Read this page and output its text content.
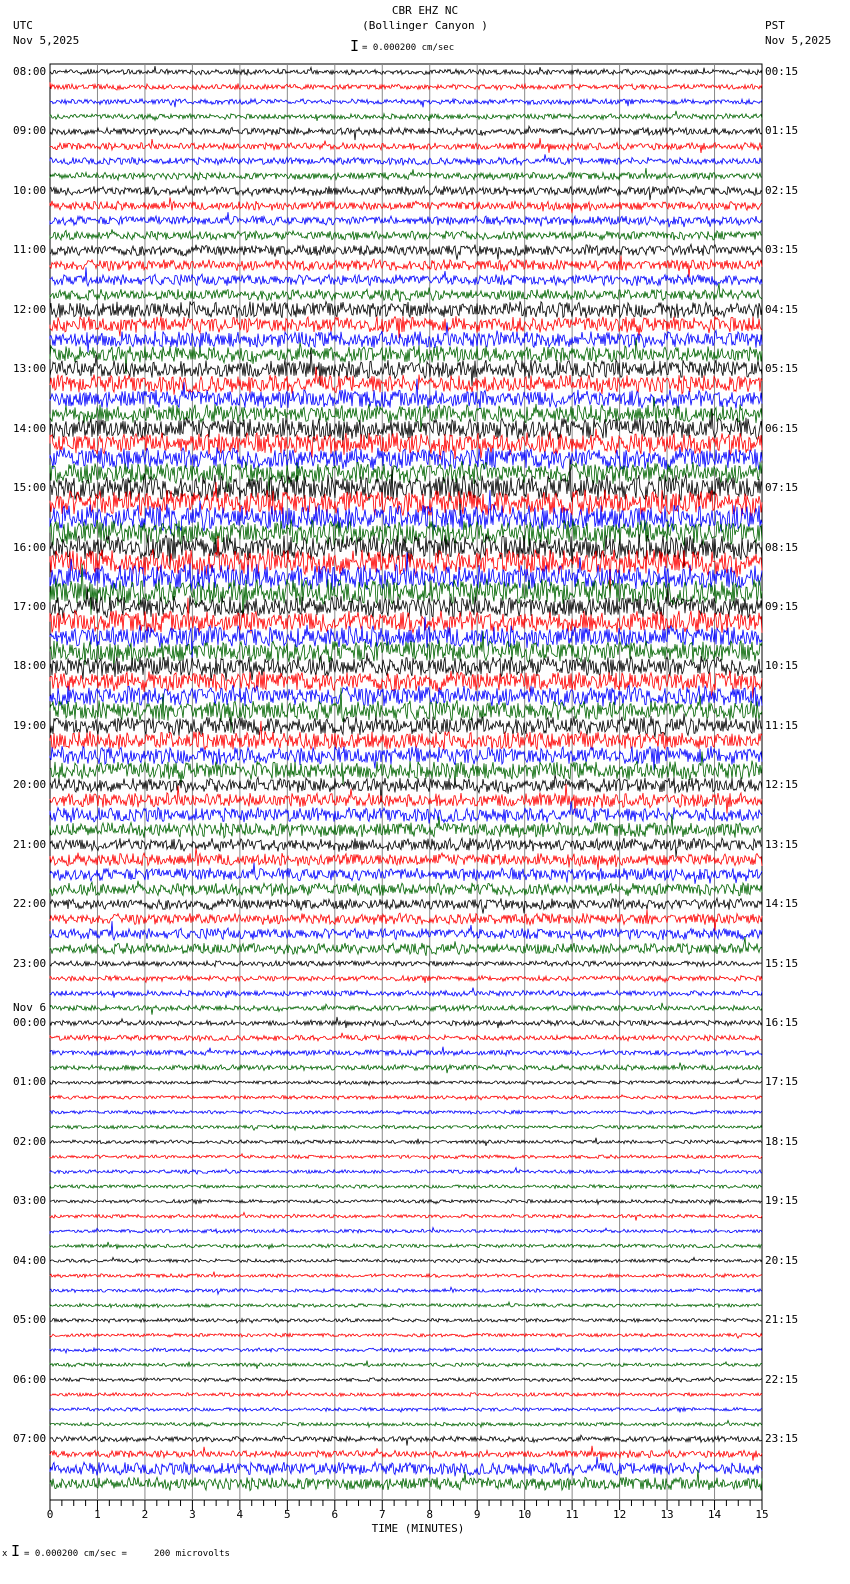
CBR EHZ NC
(Bollinger Canyon )
UTC
Nov 5,2025
PST
Nov 5,2025
I = 0.000200 cm/sec
x I = 0.000200 cm/sec =     200 microvolts
TIME (MINUTES)
0	1	2	3	4	5	6	7	8	9	10	11	12	13	14	15
08:00
09:00
10:00
11:00
12:00
13:00
14:00
15:00
16:00
17:00
18:00
19:00
20:00
21:00
22:00
23:00
00:00
01:00
02:00
03:00
04:00
05:00
06:00
07:00
Nov 6
00:15
01:15
02:15
03:15
04:15
05:15
06:15
07:15
08:15
09:15
10:15
11:15
12:15
13:15
14:15
15:15
16:15
17:15
18:15
19:15
20:15
21:15
22:15
23:15
